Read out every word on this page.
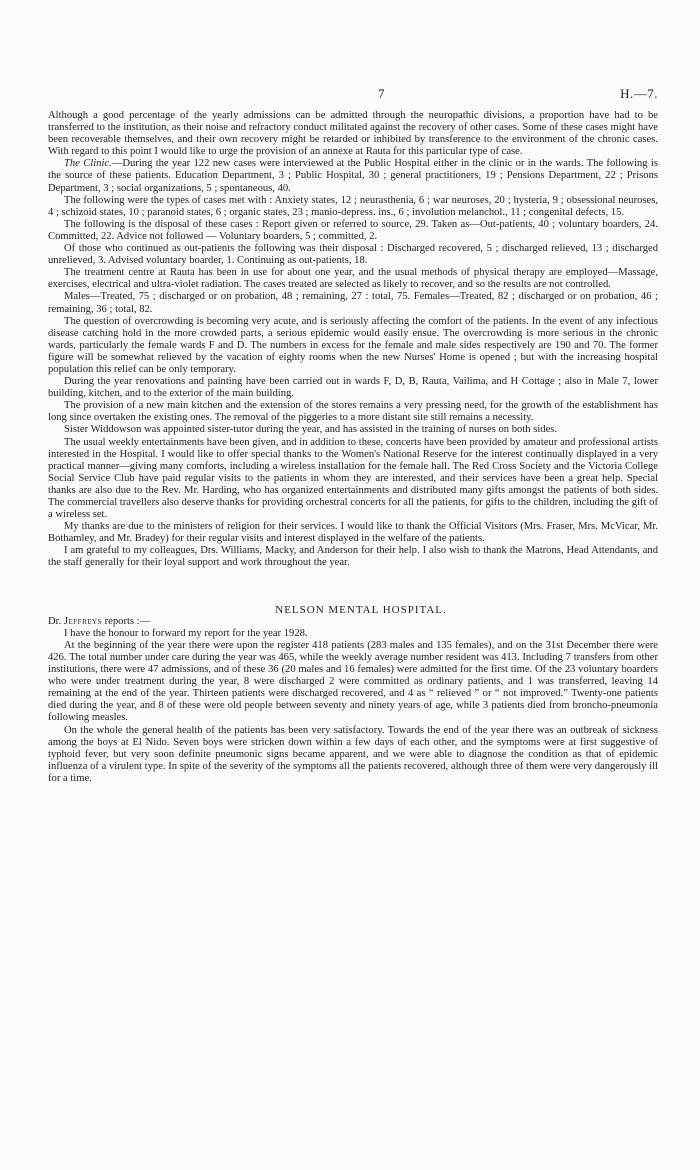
7	H.—7.

Although a good percentage of the yearly admissions can be admitted through the neuropathic divisions, a proportion have had to be transferred to the institution, as their noise and refractory conduct militated against the recovery of other cases. Some of these cases might have been recoverable themselves, and their own recovery might be retarded or inhibited by transference to the environment of the chronic cases. With regard to this point I would like to urge the provision of an annexe at Rauta for this particular type of case.

The Clinic.—During the year 122 new cases were interviewed at the Public Hospital either in the clinic or in the wards. The following is the source of these patients. Education Department, 3 ; Public Hospital, 30 ; general practitioners, 19 ; Pensions Department, 22 ; Prisons Department, 3 ; social organizations, 5 ; spontaneous, 40.

The following were the types of cases met with : Anxiety states, 12 ; neurasthenia, 6 ; war neuroses, 20 ; hysteria, 9 ; obsessional neuroses, 4 ; schizoid states, 10 ; paranoid states, 6 ; organic states, 23 ; manio-depress. ins., 6 ; involution melanchol., 11 ; congenital defects, 15.

The following is the disposal of these cases : Report given or referred to source, 29. Taken as—Out-patients, 40 ; voluntary boarders, 24. Committed, 22. Advice not followed — Voluntary boarders, 5 ; committed, 2.

Of those who continued as out-patients the following was their disposal : Discharged recovered, 5 ; discharged relieved, 13 ; discharged unrelieved, 3. Advised voluntary boarder, 1. Continuing as out-patients, 18.

The treatment centre at Rauta has been in use for about one year, and the usual methods of physical therapy are employed—Massage, exercises, electrical and ultra-violet radiation. The cases treated are selected as likely to recover, and so the results are not controlled.

Males—Treated, 75 ; discharged or on probation, 48 ; remaining, 27 : total, 75. Females—Treated, 82 ; discharged or on probation, 46 ; remaining, 36 ; total, 82.

The question of overcrowding is becoming very acute, and is seriously affecting the comfort of the patients. In the event of any infectious disease catching hold in the more crowded parts, a serious epidemic would easily ensue. The overcrowding is more serious in the chronic wards, particularly the female wards F and D. The numbers in excess for the female and male sides respectively are 190 and 70. The former figure will be somewhat relieved by the vacation of eighty rooms when the new Nurses' Home is opened ; but with the increasing hospital population this relief can be only temporary.

During the year renovations and painting have been carried out in wards F, D, B, Rauta, Vailima, and H Cottage ; also in Male 7, lower building, kitchen, and to the exterior of the main building.

The provision of a new main kitchen and the extension of the stores remains a very pressing need, for the growth of the establishment has long since overtaken the existing ones. The removal of the piggeries to a more distant site still remains a necessity.

Sister Widdowson was appointed sister-tutor during the year, and has assisted in the training of nurses on both sides.

The usual weekly entertainments have been given, and in addition to these, concerts have been provided by amateur and professional artists interested in the Hospital. I would like to offer special thanks to the Women's National Reserve for the interest continually displayed in a very practical manner—giving many comforts, including a wireless installation for the female hall. The Red Cross Society and the Victoria College Social Service Club have paid regular visits to the patients in whom they are interested, and their services have been a great help. Special thanks are also due to the Rev. Mr. Harding, who has organized entertainments and distributed many gifts amongst the patients of both sides. The commercial travellers also deserve thanks for providing orchestral concerts for all the patients, for gifts to the children, including the gift of a wireless set.

My thanks are due to the ministers of religion for their services. I would like to thank the Official Visitors (Mrs. Fraser, Mrs. McVicar, Mr. Bothamley, and Mr. Bradey) for their regular visits and interest displayed in the welfare of the patients.

I am grateful to my colleagues, Drs. Williams, Macky, and Anderson for their help. I also wish to thank the Matrons, Head Attendants, and the staff generally for their loyal support and work throughout the year.

NELSON MENTAL HOSPITAL.

Dr. Jeffreys reports :—

I have the honour to forward my report for the year 1928.

At the beginning of the year there were upon the register 418 patients (283 males and 135 females), and on the 31st December there were 426. The total number under care during the year was 465, while the weekly average number resident was 413. Including 7 transfers from other institutions, there were 47 admissions, and of these 36 (20 males and 16 females) were admitted for the first time. Of the 23 voluntary boarders who were under treatment during the year, 8 were discharged 2 were committed as ordinary patients, and 1 was transferred, leaving 14 remaining at the end of the year. Thirteen patients were discharged recovered, and 4 as “ relieved ” or “ not improved.” Twenty-one patients died during the year, and 8 of these were old people between seventy and ninety years of age, while 3 patients died from broncho-pneumonia following measles.

On the whole the general health of the patients has been very satisfactory. Towards the end of the year there was an outbreak of sickness among the boys at El Nido. Seven boys were stricken down within a few days of each other, and the symptoms were at first suggestive of typhoid fever, but very soon definite pneumonic signs became apparent, and we were able to diagnose the condition as that of epidemic influenza of a virulent type. In spite of the severity of the symptoms all the patients recovered, although three of them were very dangerously ill for a time.
